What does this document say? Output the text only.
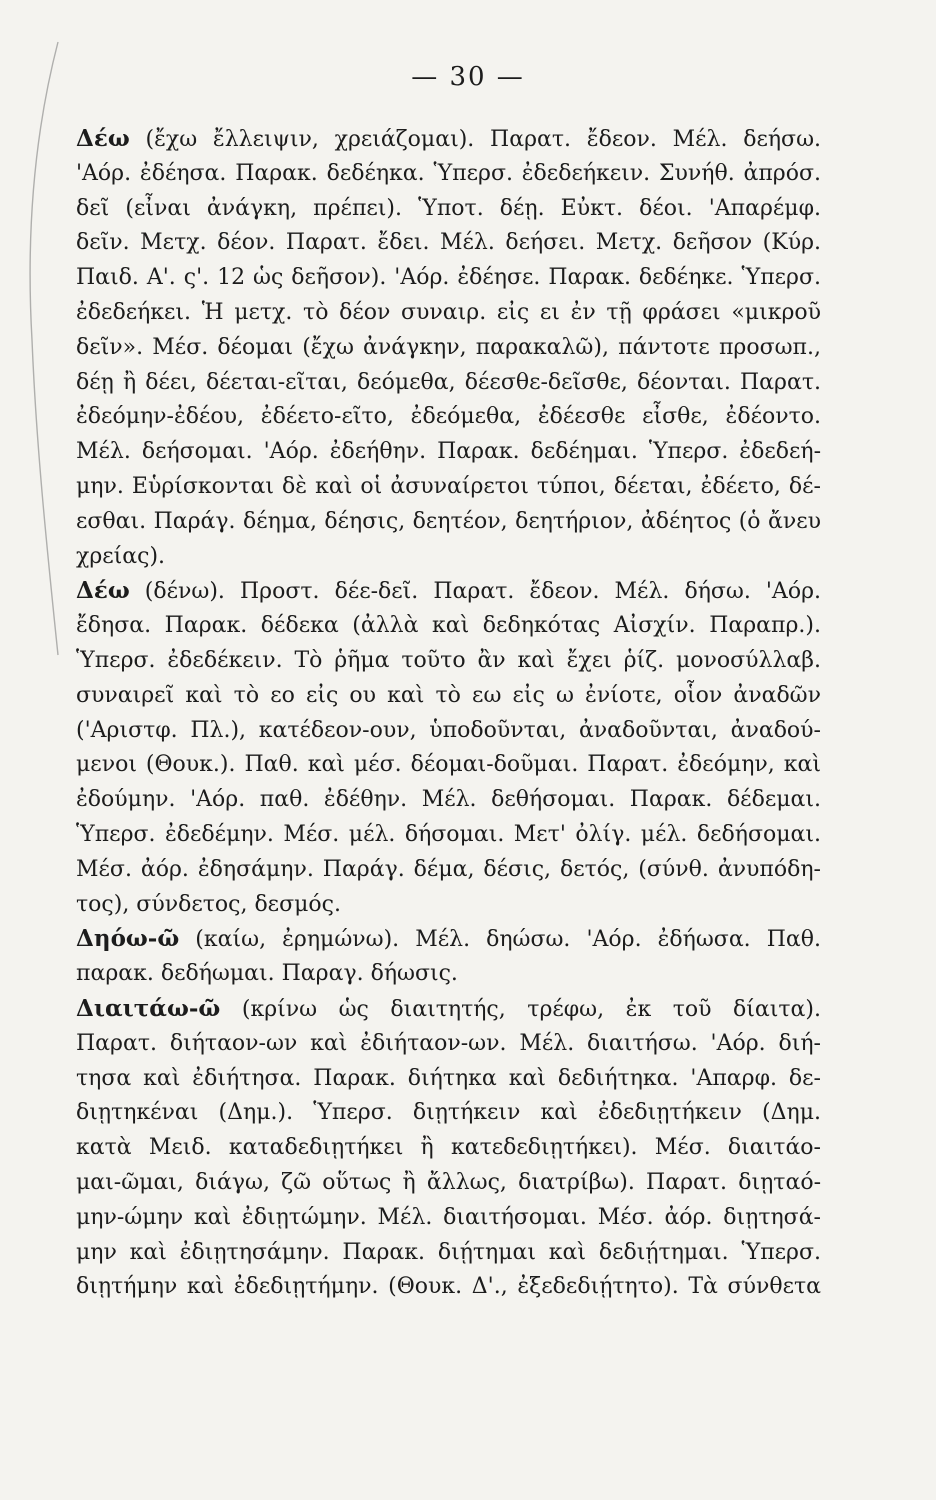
— 30 —
Δέω (ἔχω ἔλλειψιν, χρειάζομαι). Παρατ. ἔδεον. Μέλ. δεήσω.
'Αόρ. ἐδέησα. Παρακ. δεδέηκα. Ὑπερσ. ἐδεδεήκειν. Συνήθ. ἀπρόσ.
δεῖ (εἶναι ἀνάγκη, πρέπει). Ὑποτ. δέῃ. Εὐκτ. δέοι. 'Απαρέμφ.
δεῖν. Μετχ. δέον. Παρατ. ἔδει. Μέλ. δεήσει. Μετχ. δεῆσον (Κύρ.
Παιδ. Α'. ς'. 12 ὡς δεῆσον). 'Αόρ. ἐδέησε. Παρακ. δεδέηκε. Ὑπερσ.
ἐδεδεήκει. Ἡ μετχ. τὸ δέον συναιρ. εἰς ει ἐν τῇ φράσει «μικροῦ
δεῖν». Μέσ. δέομαι (ἔχω ἀνάγκην, παρακαλῶ), πάντοτε προσωπ.,
δέῃ ἢ δέει, δέεται-εῖται, δεόμεθα, δέεσθε-δεῖσθε, δέονται. Παρατ.
ἐδεόμην-ἐδέου, ἐδέετο-εῖτο, ἐδεόμεθα, ἐδέεσθε εἶσθε, ἐδέοντο.
Μέλ. δεήσομαι. 'Αόρ. ἐδεήθην. Παρακ. δεδέημαι. Ὑπερσ. ἐδεδεή-
μην. Εὑρίσκονται δὲ καὶ οἱ ἀσυναίρετοι τύποι, δέεται, ἐδέετο, δέ-
εσθαι. Παράγ. δέημα, δέησις, δεητέον, δεητήριον, ἀδέητος (ὁ ἄνευ
χρείας).
Δέω (δένω). Προστ. δέε-δεῖ. Παρατ. ἔδεον. Μέλ. δήσω. 'Αόρ.
ἔδησα. Παρακ. δέδεκα (ἀλλὰ καὶ δεδηκότας Αἰσχίν. Παραπρ.).
Ὑπερσ. ἐδεδέκειν. Τὸ ῥῆμα τοῦτο ἂν καὶ ἔχει ῥίζ. μονοσύλλαβ.
συναιρεῖ καὶ τὸ εο εἰς ου καὶ τὸ εω εἰς ω ἐνίοτε, οἷον ἀναδῶν
('Αριστφ. Πλ.), κατέδεον-ουν, ὑποδοῦνται, ἀναδοῦνται, ἀναδού-
μενοι (Θουκ.). Παθ. καὶ μέσ. δέομαι-δοῦμαι. Παρατ. ἐδεόμην, καὶ
ἐδούμην. 'Αόρ. παθ. ἐδέθην. Μέλ. δεθήσομαι. Παρακ. δέδεμαι.
Ὑπερσ. ἐδεδέμην. Μέσ. μέλ. δήσομαι. Μετ' ὀλίγ. μέλ. δεδήσομαι.
Μέσ. ἀόρ. ἐδησάμην. Παράγ. δέμα, δέσις, δετός, (σύνθ. ἀνυπόδη-
τος), σύνδετος, δεσμός.
Δηόω-ῶ (καίω, ἐρημώνω). Μέλ. δηώσω. 'Αόρ. ἐδήωσα. Παθ.
παρακ. δεδήωμαι. Παραγ. δήωσις.
Διαιτάω-ῶ (κρίνω ὡς διαιτητής, τρέφω, ἐκ τοῦ δίαιτα).
Παρατ. διήταον-ων καὶ ἐδιήταον-ων. Μέλ. διαιτήσω. 'Αόρ. διή-
τησα καὶ ἐδιήτησα. Παρακ. διήτηκα καὶ δεδιήτηκα. 'Απαρφ. δε-
διῃτηκέναι (Δημ.). Ὑπερσ. διῃτήκειν καὶ ἐδεδιῃτήκειν (Δημ.
κατὰ Μειδ. καταδεδιῃτήκει ἢ κατεδεδιῃτήκει). Μέσ. διαιτάο-
μαι-ῶμαι, διάγω, ζῶ οὕτως ἢ ἄλλως, διατρίβω). Παρατ. διῃταό-
μην-ώμην καὶ ἐδιῃτώμην. Μέλ. διαιτήσομαι. Μέσ. ἀόρ. διῃτησά-
μην καὶ ἐδιῃτησάμην. Παρακ. διῄτημαι καὶ δεδιῄτημαι. Ὑπερσ.
διῃτήμην καὶ ἐδεδιῃτήμην. (Θουκ. Δ'., ἐξεδεδιῄτητο). Τὰ σύνθετα
